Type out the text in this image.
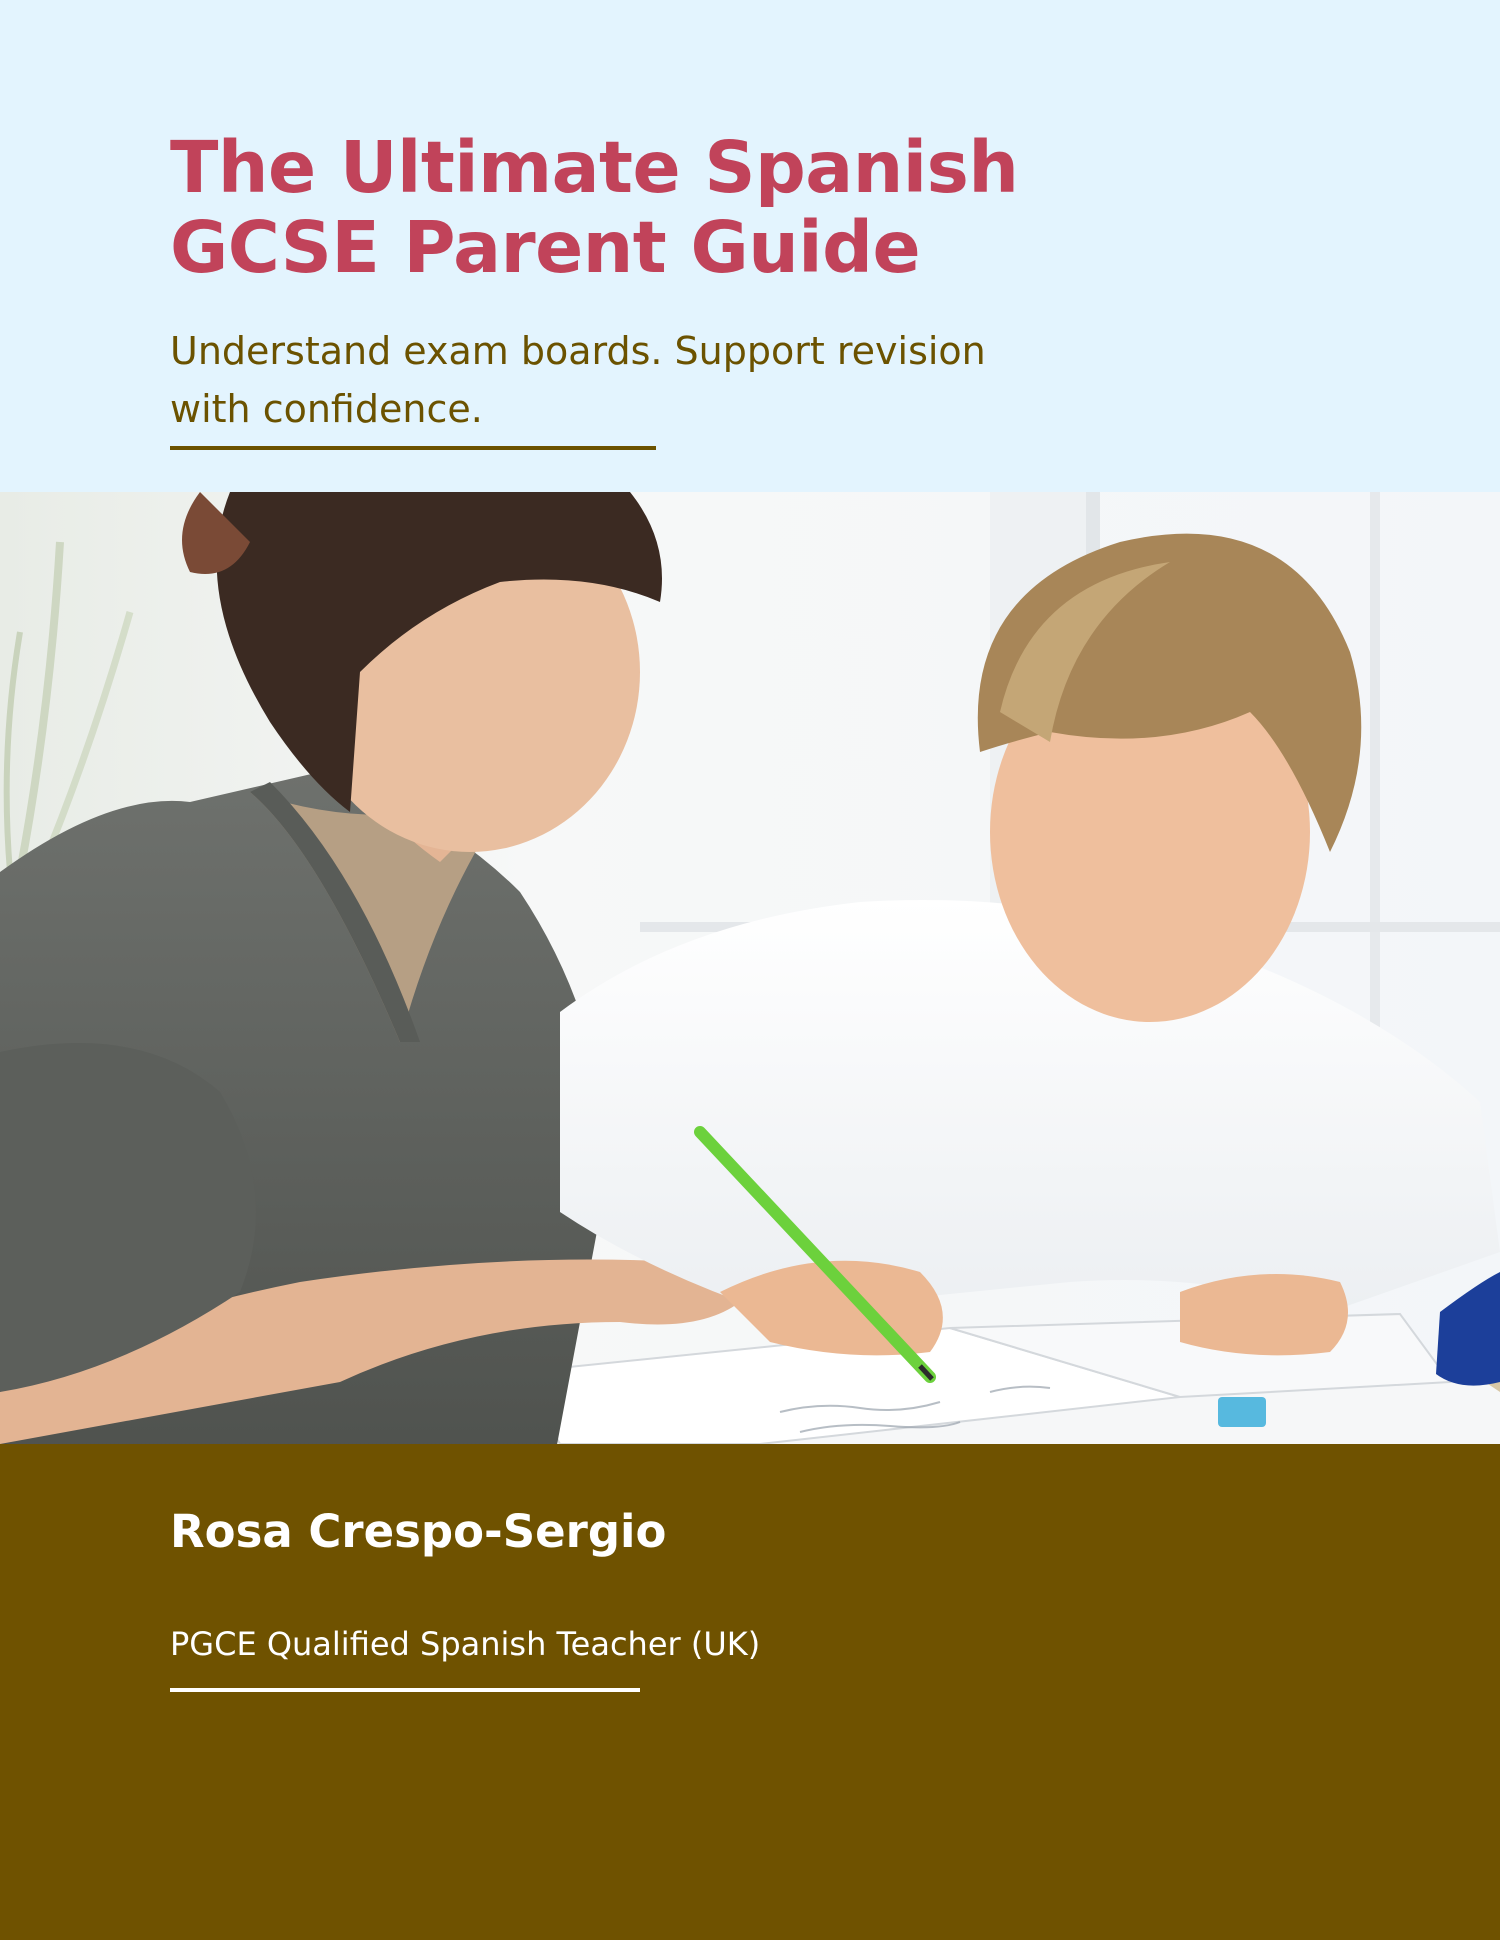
The Ultimate Spanish
GCSE Parent Guide

Understand exam boards. Support revision
with confidence.

Rosa Crespo-Sergio

PGCE Qualified Spanish Teacher (UK)
